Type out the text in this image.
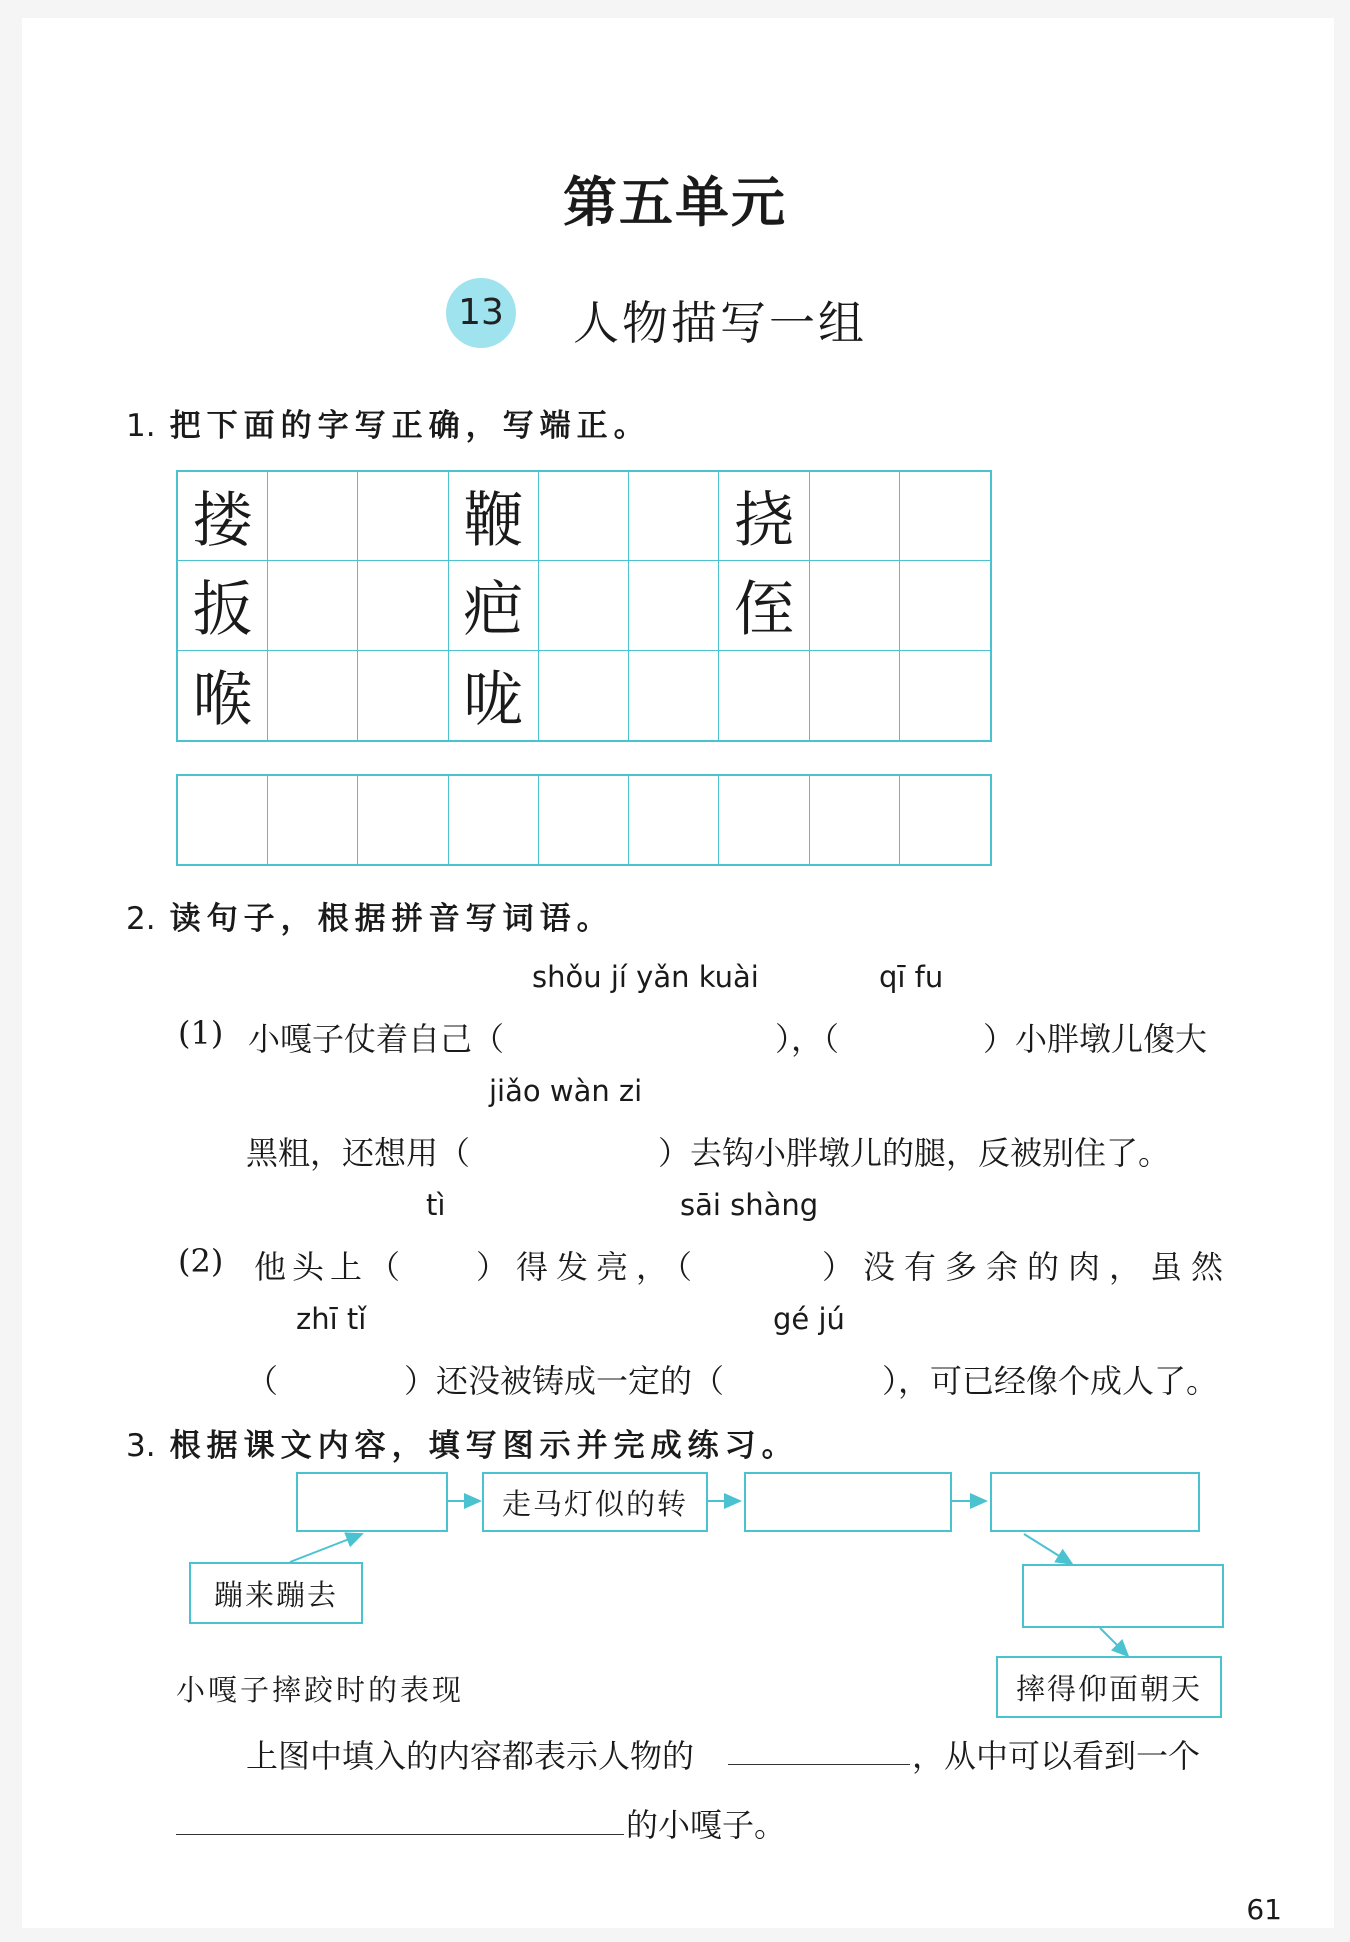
第五单元
13 人物描写一组
1. 把下面的字写正确，写端正。
搂	鞭	挠
扳	疤	侄
喉	咙
2. 读句子，根据拼音写词语。
shǒu jí yǎn kuài	qī fu
(1) 小嘎子仗着自己（	），（	）小胖墩儿傻大
jiǎo wàn zi
黑粗，还想用（	）去钩小胖墩儿的腿，反被别住了。
tì	sāi shàng
(2) 他头上（ ）得发亮，（	）没有多余的肉，虽然
zhī tǐ	gé jú
（	）还没被铸成一定的（	），可已经像个成人了。
3. 根据课文内容，填写图示并完成练习。
走马灯似的转
蹦来蹦去
摔得仰面朝天
小嘎子摔跤时的表现
上图中填入的内容都表示人物的	，从中可以看到一个
的小嘎子。
61
